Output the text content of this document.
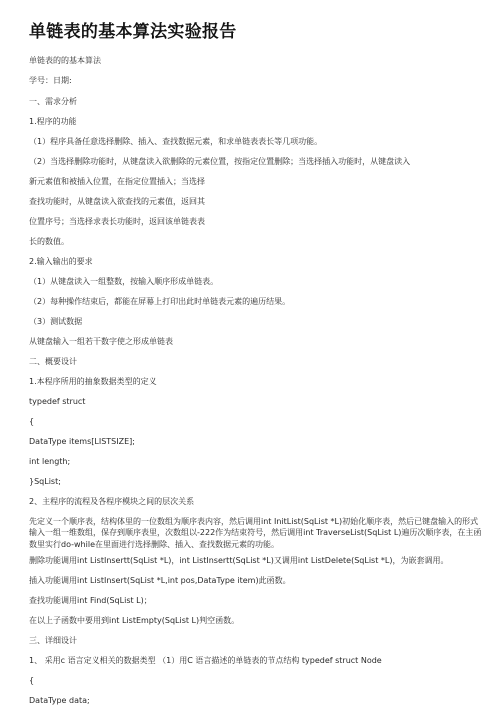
单链表的基本算法实验报告
单链表的的基本算法
学号：日期:
一、需求分析
1.程序的功能
（1）程序具备任意选择删除、插入、查找数据元素，和求单链表表长等几项功能。
（2）当选择删除功能时，从键盘读入欲删除的元素位置，按指定位置删除；当选择插入功能时，从键盘读入
新元素值和被插入位置，在指定位置插入；当选择
查找功能时，从键盘读入欲查找的元素值，返回其
位置序号；当选择求表长功能时，返回该单链表表
长的数值。
2.输入输出的要求
（1）从键盘读入一组整数，按输入顺序形成单链表。
（2）每种操作结束后，都能在屏幕上打印出此时单链表元素的遍历结果。
（3）测试数据
从键盘输入一组若干数字使之形成单链表
二、概要设计
1.本程序所用的抽象数据类型的定义
typedef struct
{
DataType items[LISTSIZE];
int length;
}SqList;
2、主程序的流程及各程序模块之间的层次关系
先定义一个顺序表，结构体里的一位数组为顺序表内容，然后调用int InitList(SqList *L)初始化顺序表，然后已键盘输入的形式输入一组一维数组，保存到顺序表里，次数组以-222作为结束符号，然后调用int TraverseList(SqList L)遍历次顺序表，在主函数里实行do-while在里面进行选择删除、插入、查找数据元素的功能。
删除功能调用int ListInsertt(SqList *L)，int ListInsertt(SqList *L)又调用int ListDelete(SqList *L)，为嵌套调用。
插入功能调用int ListInsert(SqList *L,int pos,DataType item)此函数。
查找功能调用int Find(SqList L)；
在以上子函数中要用到int ListEmpty(SqList L)判空函数。
三、详细设计
1、 采用c 语言定义相关的数据类型 （1）用C 语言描述的单链表的节点结构 typedef struct Node
{
DataType data;
